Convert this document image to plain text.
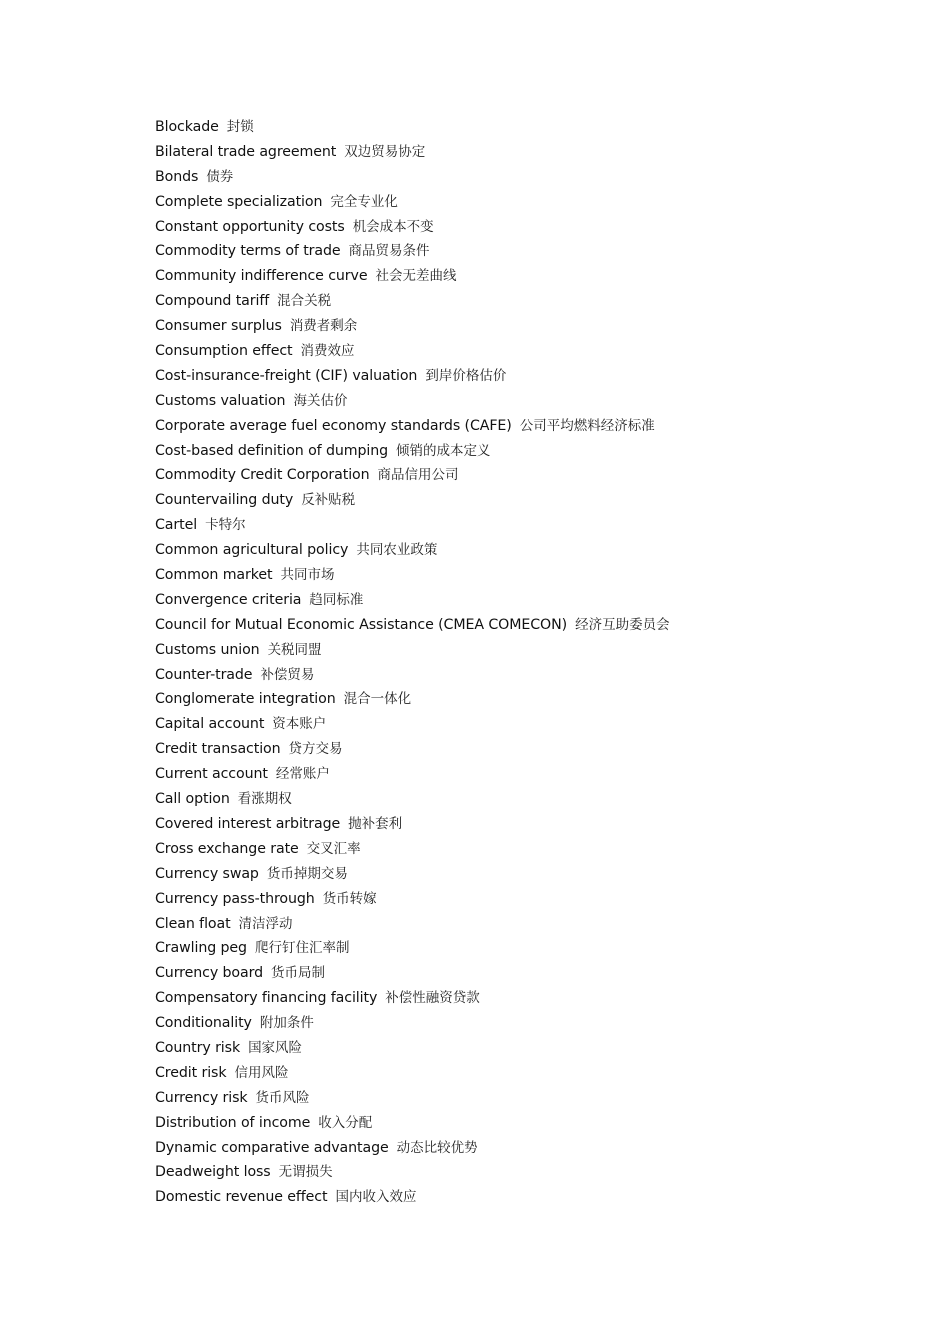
Blockade 封锁
Bilateral trade agreement 双边贸易协定
Bonds 债券
Complete specialization 完全专业化
Constant opportunity costs 机会成本不变
Commodity terms of trade 商品贸易条件
Community indifference curve 社会无差曲线
Compound tariff 混合关税
Consumer surplus 消费者剩余
Consumption effect 消费效应
Cost-insurance-freight (CIF) valuation 到岸价格估价
Customs valuation 海关估价
Corporate average fuel economy standards (CAFE) 公司平均燃料经济标准
Cost-based definition of dumping 倾销的成本定义
Commodity Credit Corporation 商品信用公司
Countervailing duty 反补贴税
Cartel 卡特尔
Common agricultural policy 共同农业政策
Common market 共同市场
Convergence criteria 趋同标准
Council for Mutual Economic Assistance (CMEA COMECON) 经济互助委员会
Customs union 关税同盟
Counter-trade 补偿贸易
Conglomerate integration 混合一体化
Capital account 资本账户
Credit transaction 贷方交易
Current account 经常账户
Call option 看涨期权
Covered interest arbitrage 抛补套利
Cross exchange rate 交叉汇率
Currency swap 货币掉期交易
Currency pass-through 货币转嫁
Clean float 清洁浮动
Crawling peg 爬行钉住汇率制
Currency board 货币局制
Compensatory financing facility 补偿性融资贷款
Conditionality 附加条件
Country risk 国家风险
Credit risk 信用风险
Currency risk 货币风险
Distribution of income 收入分配
Dynamic comparative advantage 动态比较优势
Deadweight loss 无谓损失
Domestic revenue effect 国内收入效应
